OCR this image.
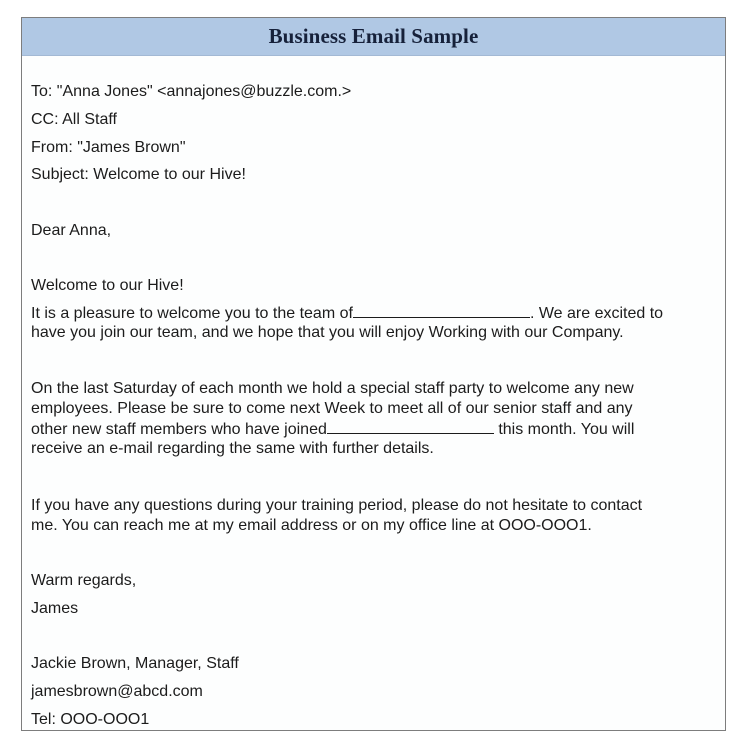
Business Email Sample
To: "Anna Jones" <annajones@buzzle.com.>
CC: All Staff
From: "James Brown"
Subject: Welcome to our Hive!
Dear Anna,
Welcome to our Hive!
It is a pleasure to welcome you to the team of	. We are excited to
have you join our team, and we hope that you will enjoy Working with our Company.
On the last Saturday of each month we hold a special staff party to welcome any new
employees. Please be sure to come next Week to meet all of our senior staff and any
other new staff members who have joined	this month. You will
receive an e-mail regarding the same with further details.
If you have any questions during your training period, please do not hesitate to contact
me. You can reach me at my email address or on my office line at OOO-OOO1.
Warm regards,
James
Jackie Brown, Manager, Staff
jamesbrown@abcd.com
Tel: OOO-OOO1
